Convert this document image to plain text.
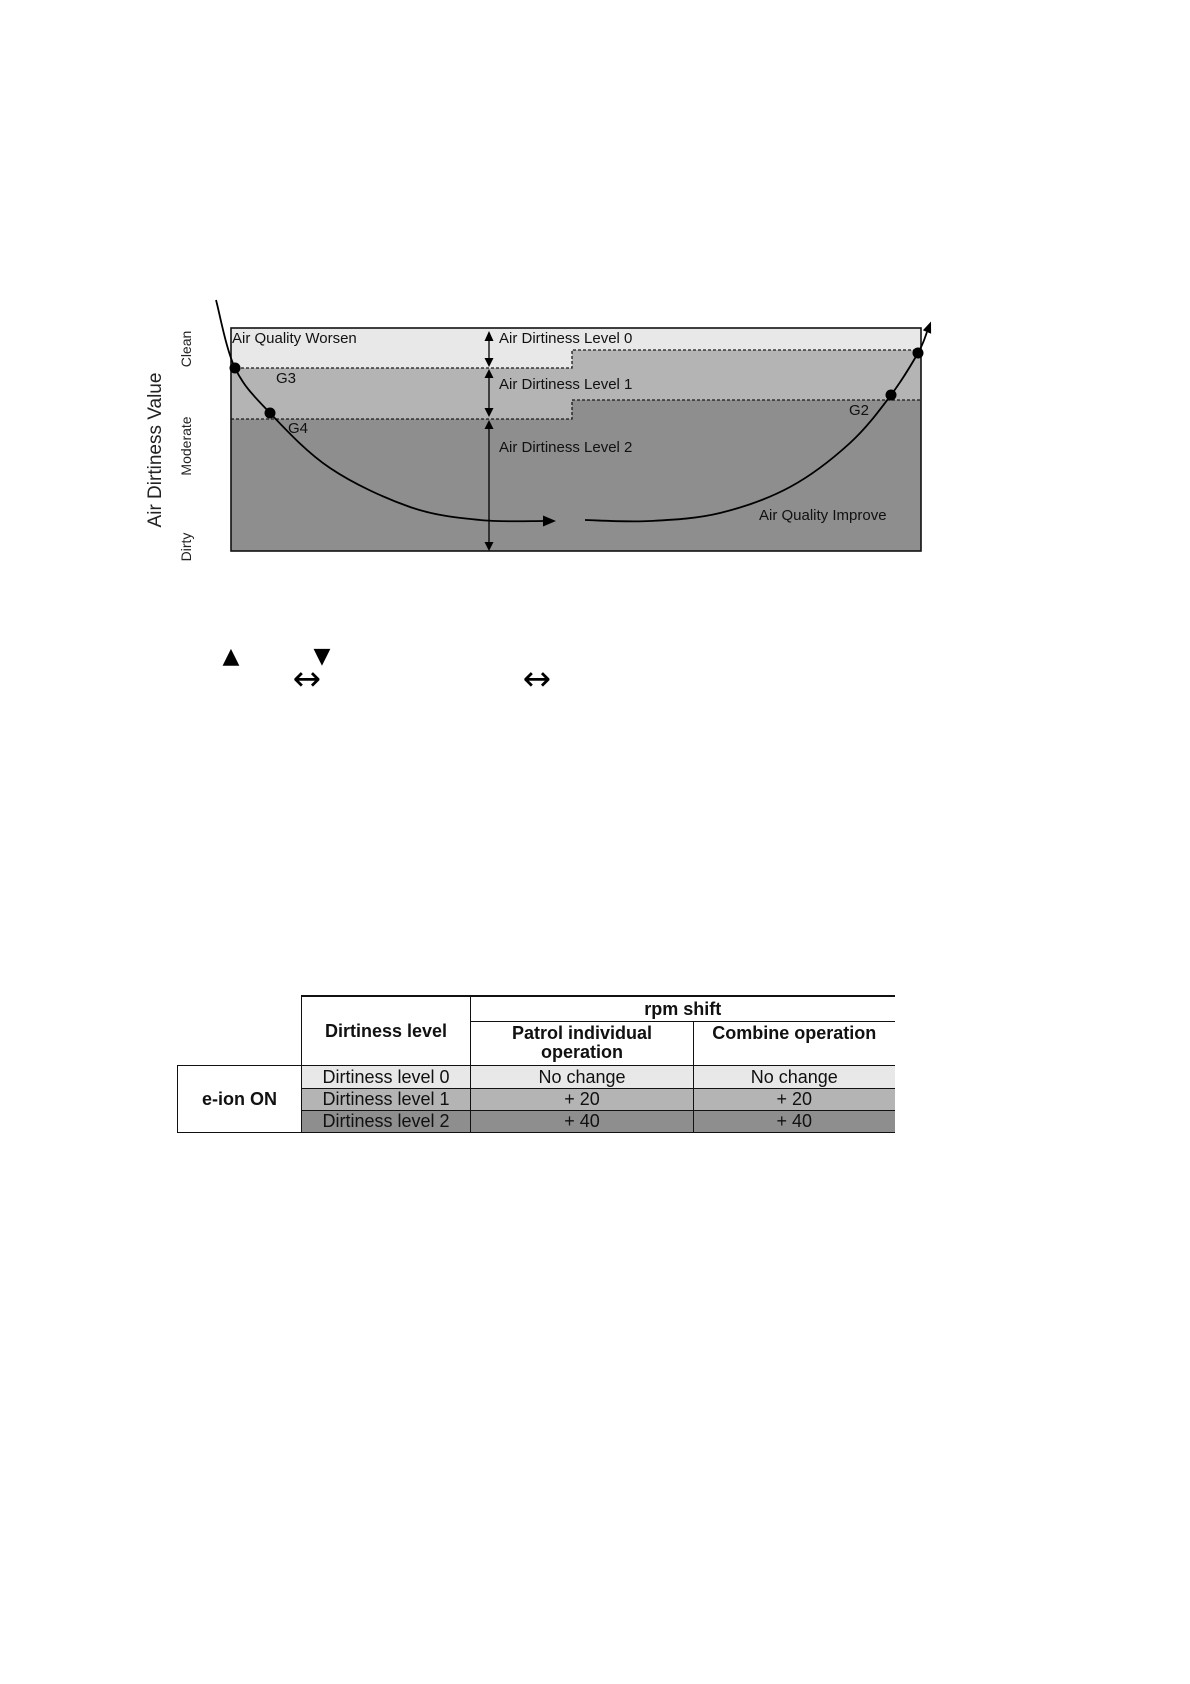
Air Quality Worsen	Air Dirtiness Level 0
Air Dirtiness Level 1
Air Dirtiness Level 2
G3
G4
G2
Air Quality Improve
Air Dirtiness Value
Clean
Moderate
Dirty
▲	▼
↔	↔
	Dirtiness level	rpm shift	
		Patrol individual operation	Combine operation
e-ion ON	Dirtiness level 0	No change	No change
	Dirtiness level 1	+ 20	+ 20
	Dirtiness level 2	+ 40	+ 40
